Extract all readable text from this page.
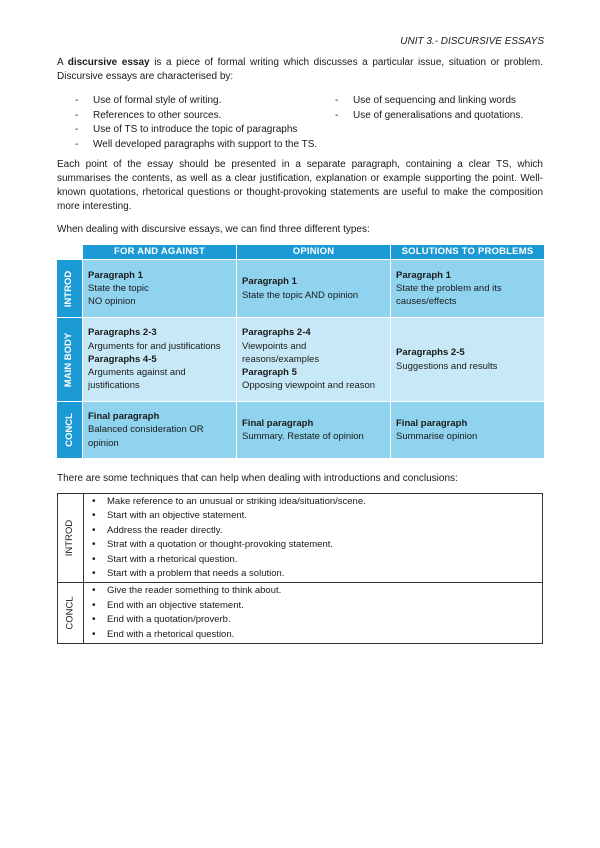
UNIT 3.- DISCURSIVE ESSAYS

A discursive essay is a piece of formal writing which discusses a particular issue, situation or problem. Discursive essays are characterised by:

- Use of formal style of writing.
- References to other sources.
- Use of TS to introduce the topic of paragraphs
- Well developed paragraphs with support to the TS.
- Use of sequencing and linking words
- Use of generalisations and quotations.

Each point of the essay should be presented in a separate paragraph, containing a clear TS, which summarises the contents, as well as a clear justification, explanation or example supporting the point. Well-known quotations, rhetorical questions or thought-provoking statements are useful to make the composition more interesting.

When dealing with discursive essays, we can find three different types:

FOR AND AGAINST	OPINION	SOLUTIONS TO PROBLEMS
INTROD Paragraph 1
State the topic
NO opinion
Paragraph 1
State the topic AND opinion
Paragraph 1
State the problem and its causes/effects
MAIN BODY Paragraphs 2-3
Arguments for and justifications
Paragraphs 4-5
Arguments against and justifications
Paragraphs 2-4
Viewpoints and reasons/examples
Paragraph 5
Opposing viewpoint and reason
Paragraphs 2-5
Suggestions and results
CONCL Final paragraph
Balanced consideration OR opinion
Final paragraph
Summary. Restate of opinion
Final paragraph
Summarise opinion

There are some techniques that can help when dealing with introductions and conclusions:

INTROD
• Make reference to an unusual or striking idea/situation/scene.
• Start with an objective statement.
• Address the reader directly.
• Strat with a quotation or thought-provoking statement.
• Start with a rhetorical question.
• Start with a problem that needs a solution.
CONCL
• Give the reader something to think about.
• End with an objective statement.
• End with a quotation/proverb.
• End with a rhetorical question.
